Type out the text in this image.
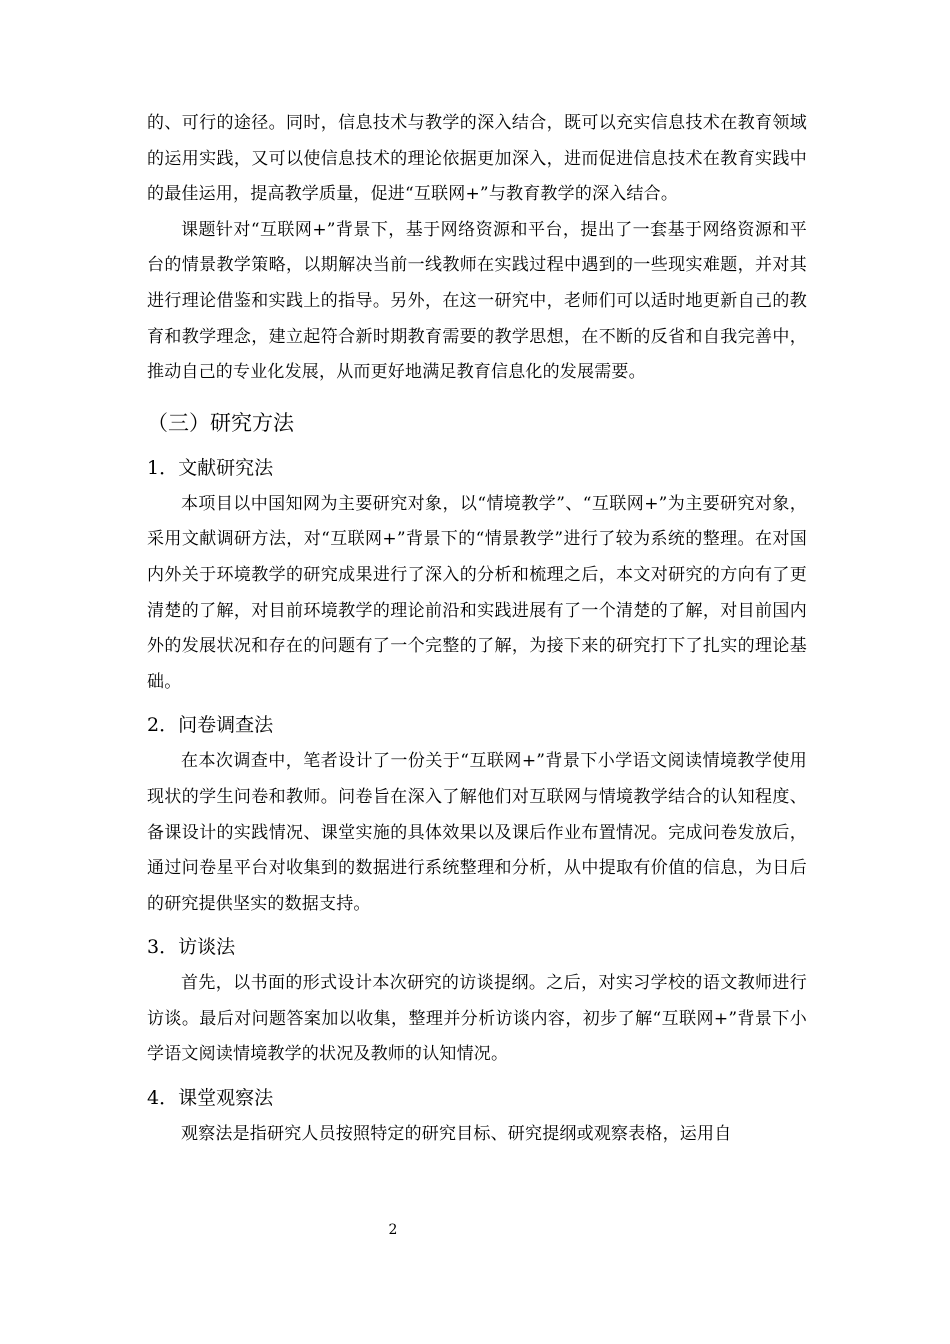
的、可行的途径。同时，信息技术与教学的深入结合，既可以充实信息技术在教育领域的运用实践，又可以使信息技术的理论依据更加深入，进而促进信息技术在教育实践中的最佳运用，提高教学质量，促进“互联网+”与教育教学的深入结合。

课题针对“互联网+”背景下，基于网络资源和平台，提出了一套基于网络资源和平台的情景教学策略，以期解决当前一线教师在实践过程中遇到的一些现实难题，并对其进行理论借鉴和实践上的指导。另外，在这一研究中，老师们可以适时地更新自己的教育和教学理念，建立起符合新时期教育需要的教学思想，在不断的反省和自我完善中，推动自己的专业化发展，从而更好地满足教育信息化的发展需要。

（三）研究方法
1．文献研究法

本项目以中国知网为主要研究对象，以“情境教学”、“互联网+”为主要研究对象，采用文献调研方法，对“互联网+”背景下的“情景教学”进行了较为系统的整理。在对国内外关于环境教学的研究成果进行了深入的分析和梳理之后，本文对研究的方向有了更清楚的了解，对目前环境教学的理论前沿和实践进展有了一个清楚的了解，对目前国内外的发展状况和存在的问题有了一个完整的了解，为接下来的研究打下了扎实的理论基础。

2．问卷调查法

在本次调查中，笔者设计了一份关于“互联网+”背景下小学语文阅读情境教学使用现状的学生问卷和教师。问卷旨在深入了解他们对互联网与情境教学结合的认知程度、备课设计的实践情况、课堂实施的具体效果以及课后作业布置情况。完成问卷发放后，通过问卷星平台对收集到的数据进行系统整理和分析，从中提取有价值的信息，为日后的研究提供坚实的数据支持。

3．访谈法

首先，以书面的形式设计本次研究的访谈提纲。之后，对实习学校的语文教师进行访谈。最后对问题答案加以收集，整理并分析访谈内容，初步了解“互联网+”背景下小学语文阅读情境教学的状况及教师的认知情况。

4．课堂观察法

观察法是指研究人员按照特定的研究目标、研究提纲或观察表格，运用自

2
